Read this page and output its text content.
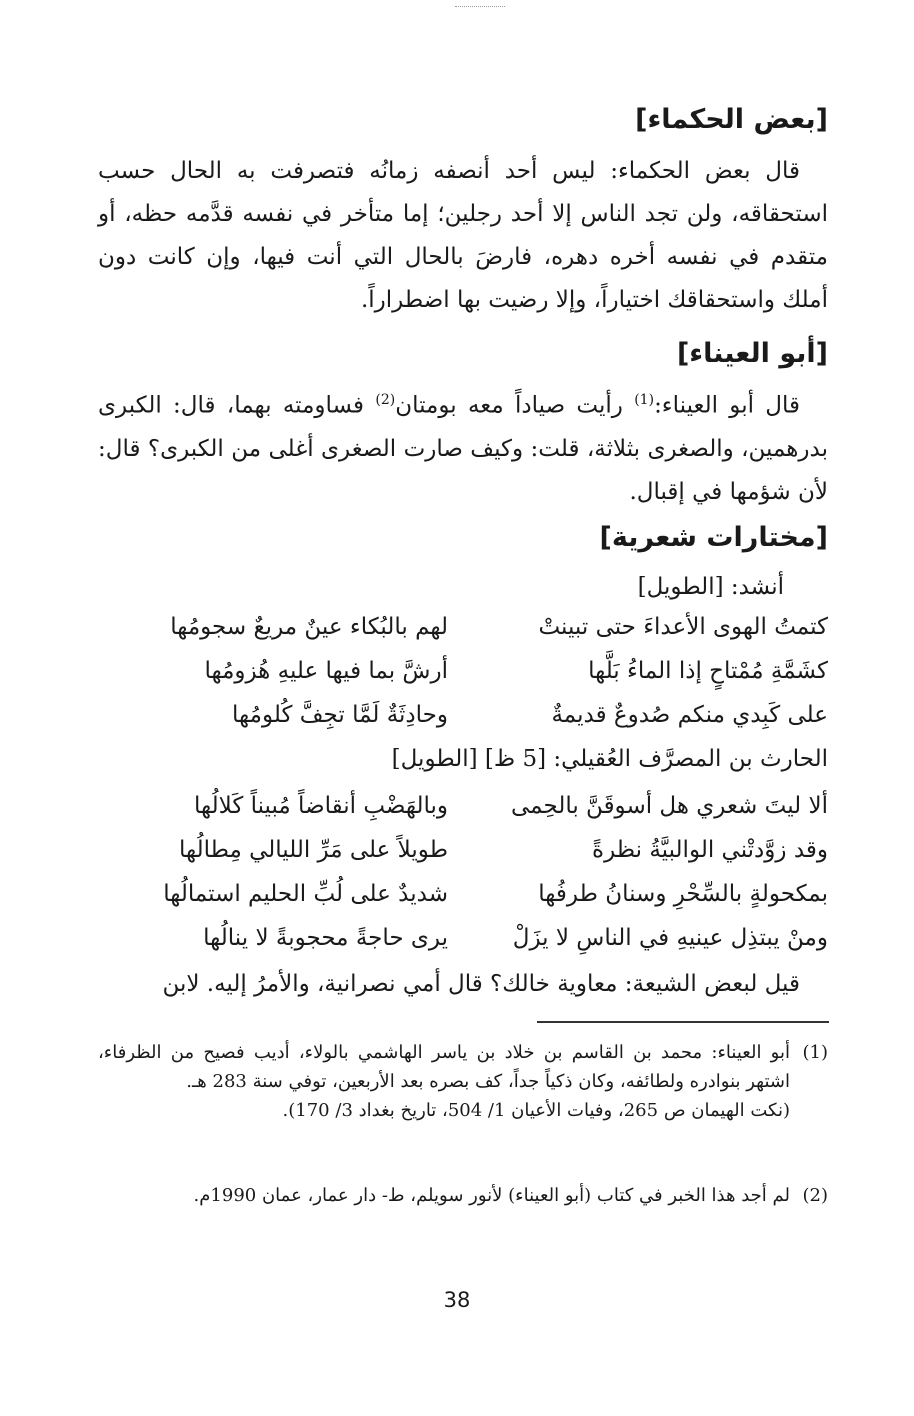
[بعض الحكماء]

قال بعض الحكماء: ليس أحد أنصفه زمانُه فتصرفت به الحال حسب استحقاقه، ولن تجد الناس إلا أحد رجلين؛ إما متأخر في نفسه قدَّمه حظه، أو متقدم في نفسه أخره دهره، فارضَ بالحال التي أنت فيها، وإن كانت دون أملك واستحقاقك اختياراً، وإلا رضيت بها اضطراراً.

[أبو العيناء]

قال أبو العيناء:$^{(1)}$ رأيت صياداً معه بومتان$^{(2)}$ فساومته بهما، قال: الكبرى بدرهمين، والصغرى بثلاثة، قلت: وكيف صارت الصغرى أغلى من الكبرى؟ قال: لأن شؤمها في إقبال.

[مختارات شعرية]
أنشد: [الطويل]
كتمتُ الهوى الأعداءَ حتى تبينتْ
لهم بالبُكاء عينٌ مريعٌ سجومُها
كشَمَّةِ مُمْتاحٍ إذا الماءُ بَلَّها
أرشَّ بما فيها عليهِ هُزومُها
على كَبِدي منكم صُدوعٌ قديمةٌ
وحادِثَةٌ لَمَّا تجِفَّ كُلومُها
الحارث بن المصرَّف العُقيلي: [5 ظ] [الطويل]
ألا ليتَ شعري هل أسوقَنَّ بالحِمى
وبالهَضْبِ أنقاضاً مُبيناً كَلالُها
وقد زوَّدتْني الوالبيَّةُ نظرةً
طويلاً على مَرِّ الليالي مِطالُها
بمكحولةٍ بالسِّحْرِ وسنانُ طرفُها
شديدٌ على لُبِّ الحليم استمالُها
ومنْ يبتذِل عينيهِ في الناسِ لا يزَلْ
يرى حاجةً محجوبةً لا ينالُها

قيل لبعض الشيعة: معاوية خالك؟ قال أمي نصرانية، والأمرُ إليه. لابن

(1)

أبو العيناء: محمد بن القاسم بن خلاد بن ياسر الهاشمي بالولاء، أديب فصيح من الظرفاء، اشتهر بنوادره ولطائفه، وكان ذكياً جداً، كف بصره بعد الأربعين، توفي سنة 283 هـ.

(نكت الهيمان ص 265، وفيات الأعيان 1/ 504، تاريخ بغداد 3/ 170).

(2)

لم أجد هذا الخبر في كتاب (أبو العيناء) لأنور سويلم، ط- دار عمار، عمان 1990م.

38
